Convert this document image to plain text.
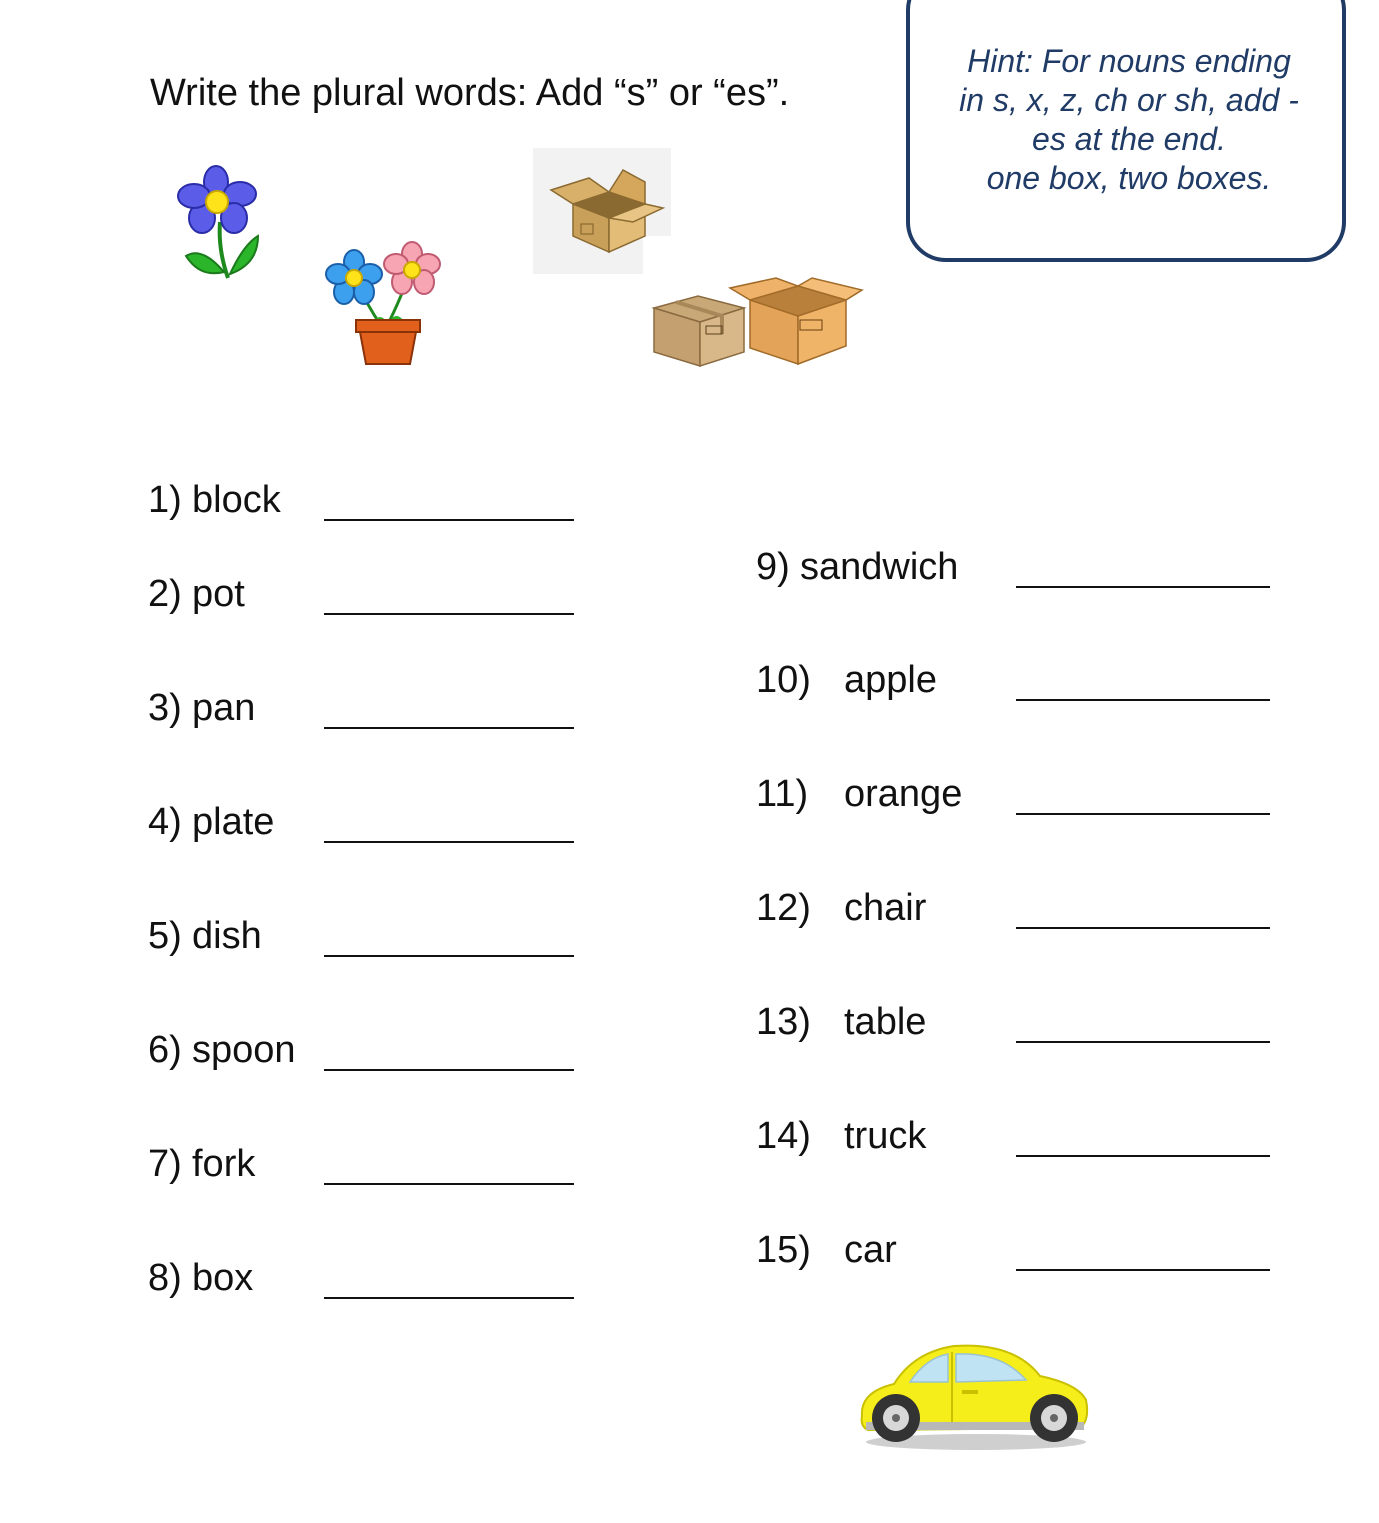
Write the plural words: Add “s” or “es”.
Hint: For nouns ending
in s, x, z, ch or sh, add -
es at the end.
one box, two boxes.
1) block
2) pot
3) pan
4) plate
5) dish
6) spoon
7) fork
8) box
9) sandwich
10) apple
11) orange
12) chair
13) table
14) truck
15) car
